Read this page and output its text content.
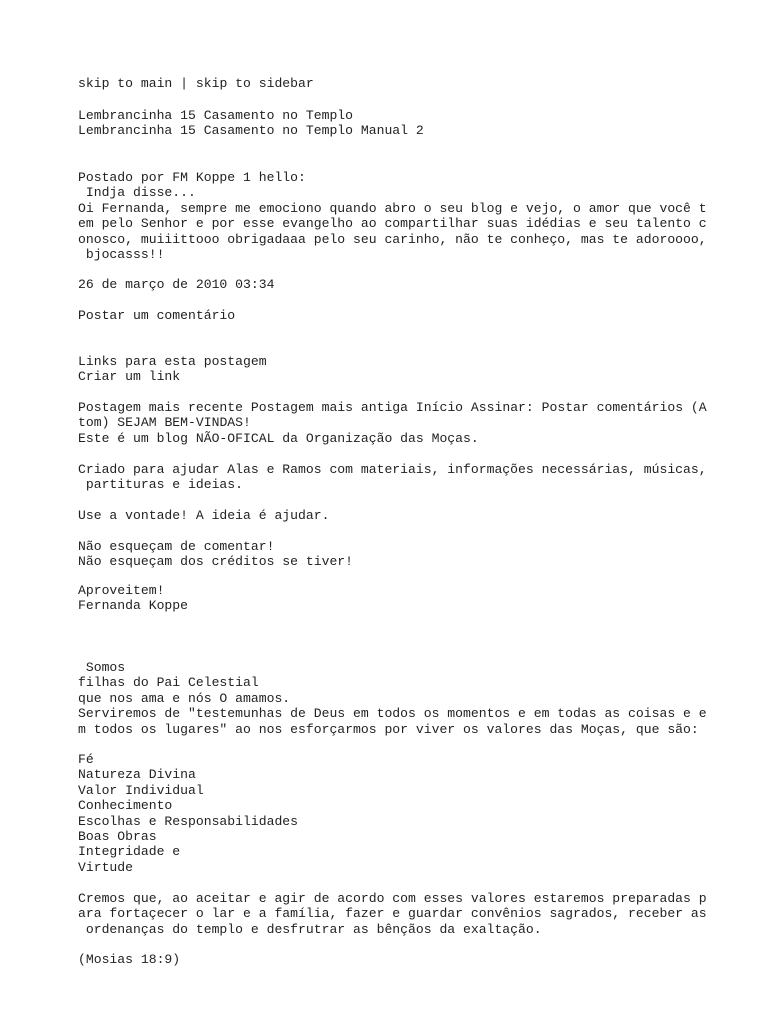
skip to main | skip to sidebar
Lembrancinha 15 Casamento no Templo
Lembrancinha 15 Casamento no Templo Manual 2
Postado por FM Koppe 1 hello:
Indja disse...
Oi Fernanda, sempre me emociono quando abro o seu blog e vejo, o amor que você t
em pelo Senhor e por esse evangelho ao compartilhar suas idédias e seu talento c
onosco, muiiittooo obrigadaaa pelo seu carinho, não te conheço, mas te adoroooo,
bjocasss!!
26 de março de 2010 03:34
Postar um comentário
Links para esta postagem
Criar um link
Postagem mais recente Postagem mais antiga Início Assinar: Postar comentários (A
tom) SEJAM BEM-VINDAS!
Este é um blog NÃO-OFICAL da Organização das Moças.
Criado para ajudar Alas e Ramos com materiais, informações necessárias, músicas,
partituras e ideias.
Use a vontade! A ideia é ajudar.
Não esqueçam de comentar!
Não esqueçam dos créditos se tiver!
Aproveitem!
Fernanda Koppe
Somos
filhas do Pai Celestial
que nos ama e nós O amamos.
Serviremos de "testemunhas de Deus em todos os momentos e em todas as coisas e e
m todos os lugares" ao nos esforçarmos por viver os valores das Moças, que são:
Fé
Natureza Divina
Valor Individual
Conhecimento
Escolhas e Responsabilidades
Boas Obras
Integridade e
Virtude
Cremos que, ao aceitar e agir de acordo com esses valores estaremos preparadas p
ara fortaçecer o lar e a família, fazer e guardar convênios sagrados, receber as
ordenanças do templo e desfrutrar as bênçãos da exaltação.
(Mosias 18:9)
